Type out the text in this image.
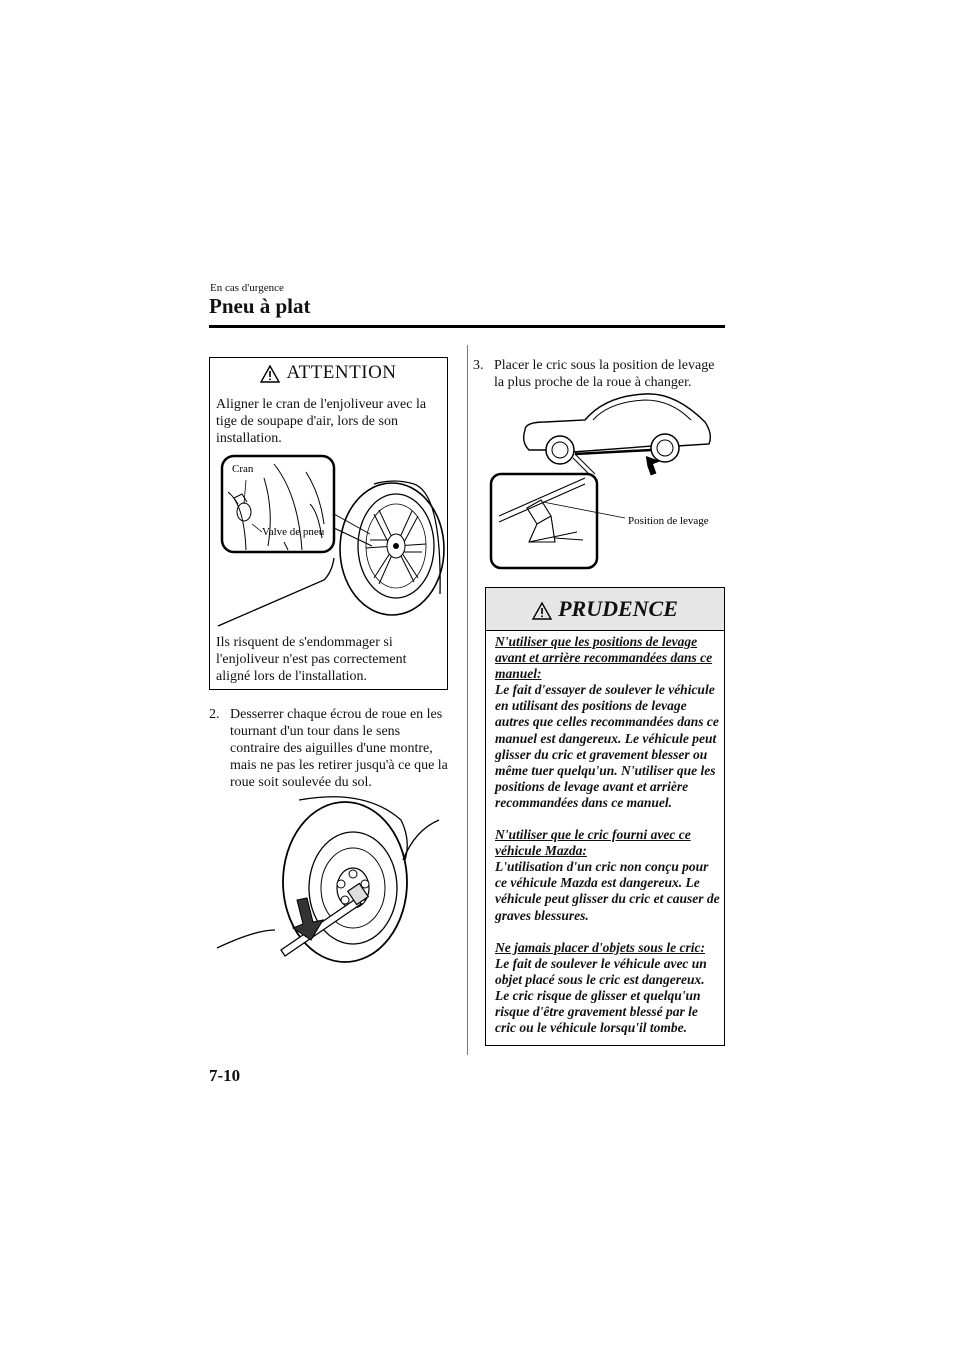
En cas d'urgence
Pneu à plat
ATTENTION
Aligner le cran de l'enjoliveur avec la tige de soupape d'air, lors de son installation.
Cran
Valve de pneu
Ils risquent de s'endommager si l'enjoliveur n'est pas correctement aligné lors de l'installation.
2. Desserrer chaque écrou de roue en les tournant d'un tour dans le sens contraire des aiguilles d'une montre, mais ne pas les retirer jusqu'à ce que la roue soit soulevée du sol.
3. Placer le cric sous la position de levage la plus proche de la roue à changer.
Position de levage
PRUDENCE
N'utiliser que les positions de levage avant et arrière recommandées dans ce manuel:
Le fait d'essayer de soulever le véhicule en utilisant des positions de levage autres que celles recommandées dans ce manuel est dangereux. Le véhicule peut glisser du cric et gravement blesser ou même tuer quelqu'un. N'utiliser que les positions de levage avant et arrière recommandées dans ce manuel.
N'utiliser que le cric fourni avec ce véhicule Mazda:
L'utilisation d'un cric non conçu pour ce véhicule Mazda est dangereux. Le véhicule peut glisser du cric et causer de graves blessures.
Ne jamais placer d'objets sous le cric:
Le fait de soulever le véhicule avec un objet placé sous le cric est dangereux. Le cric risque de glisser et quelqu'un risque d'être gravement blessé par le cric ou le véhicule lorsqu'il tombe.
7-10
